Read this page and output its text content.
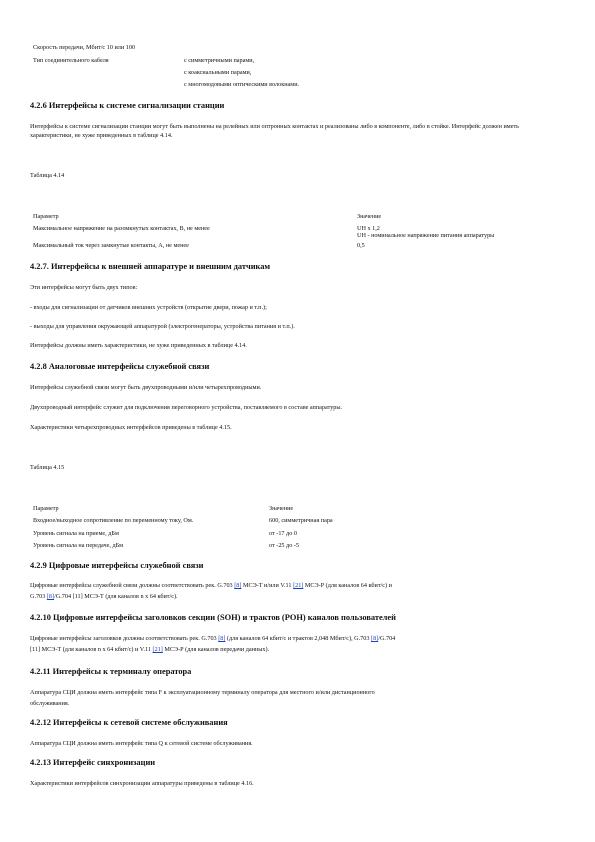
Скорость передачи, Мбит/с 10 или 100
Тип соединительного кабеля	с симметричными парами,
с коаксиальными парами,
с многомодовыми оптическими волокнами.
4.2.6 Интерфейсы к системе сигнализации станции
Интерфейсы к системе сигнализации станции могут быть выполнены на релейных или оптронных контактах и реализованы либо в компоненте, либо в стойке. Интерфейс должен иметь характеристики, не хуже приведенных в таблице 4.14.
Таблица 4.14
Параметр	Значение
Максимальное напряжение на разомкнутых контактах, В, не менее	UH x 1,2
UH - номинальное напряжение питания аппаратуры
Максимальный ток через замкнутые контакты, А, не менее	0,5
4.2.7. Интерфейсы к внешней аппаратуре и внешним датчикам
Эти интерфейсы могут быть двух типов:
- входы для сигнализации от датчиков внешних устройств (открытие двери, пожар и т.п.);
- выходы для управления окружающей аппаратурой (электрогенераторы, устройства питания и т.п.).
Интерфейсы должны иметь характеристики, не хуже приведенных в таблице 4.14.
4.2.8 Аналоговые интерфейсы служебной связи
Интерфейсы служебной связи могут быть двухпроводными и/или четырехпроводными.
Двухпроводный интерфейс служит для подключения переговорного устройства, поставляемого в составе аппаратуры.
Характеристики четырехпроводных интерфейсов приведены в таблице 4.15.
Таблица 4.15
Параметр	Значение
Входное/выходное сопротивление по переменному току, Ом.	600, симметричная пара
Уровень сигнала на приеме, дБм	от -17 до 0
Уровень сигнала на передаче, дБм	от -25 до -5
4.2.9 Цифровые интерфейсы служебной связи
Цифровые интерфейсы служебной связи должны соответствовать рек. G.703 [8] МСЭ-Т и/или V.11 [21] МСЭ-Р (для каналов 64 кбит/с) и
G.703 [8]/G.704 [11] МСЭ-Т (для каналов n x 64 кбит/с).
4.2.10 Цифровые интерфейсы заголовков секции (SOH) и трактов (POH) каналов пользователей
Цифровые интерфейсы заголовков должны соответствовать рек. G.703 [8] (для каналов 64 кбит/с и трактов 2,048 Мбит/с), G.703 [8]/G.704
[11] МСЭ-Т (для каналов n x 64 кбит/с) и V.11 [21] МСЭ-Р (для каналов передачи данных).
4.2.11 Интерфейсы к терминалу оператора
Аппаратура СЦИ должна иметь интерфейс типа F к эксплуатационному терминалу оператора для местного и/или дистанционного
обслуживания.
4.2.12 Интерфейсы к сетевой системе обслуживания
Аппаратура СЦИ должна иметь интерфейс типа Q к сетевой системе обслуживания.
4.2.13 Интерфейс синхронизации
Характеристики интерфейсов синхронизации аппаратуры приведены в таблице 4.16.
